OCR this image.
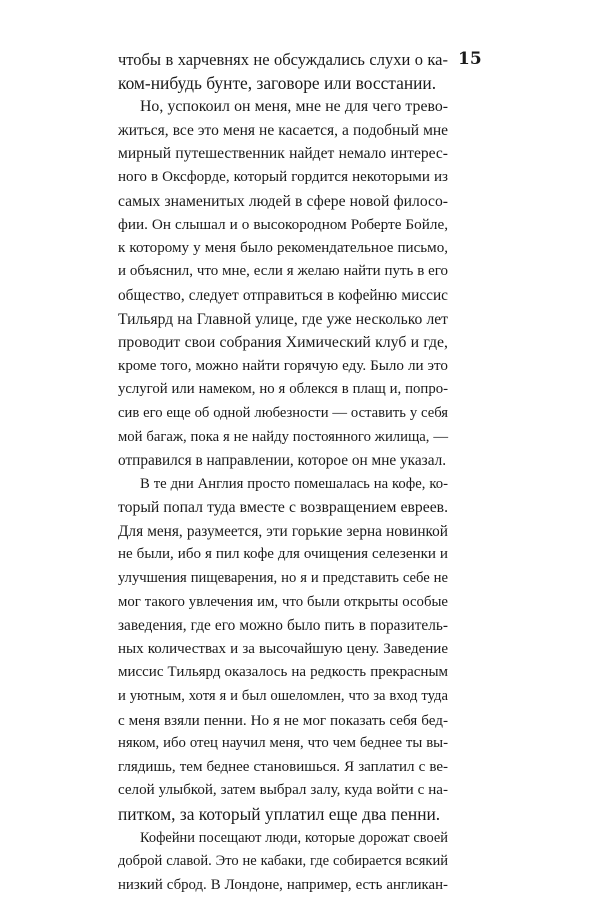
15
чтобы в харчевнях не обсуждались слухи о ка-
ком-нибудь бунте, заговоре или восстании.
Но, успокоил он меня, мне не для чего трево-
житься, все это меня не касается, а подобный мне
мирный путешественник найдет немало интерес-
ного в Оксфорде, который гордится некоторыми из
самых знаменитых людей в сфере новой филосо-
фии. Он слышал и о высокородном Роберте Бойле,
к которому у меня было рекомендательное письмо,
и объяснил, что мне, если я желаю найти путь в его
общество, следует отправиться в кофейню миссис
Тильярд на Главной улице, где уже несколько лет
проводит свои собрания Химический клуб и где,
кроме того, можно найти горячую еду. Было ли это
услугой или намеком, но я облекся в плащ и, попро-
сив его еще об одной любезности — оставить у себя
мой багаж, пока я не найду постоянного жилища, —
отправился в направлении, которое он мне указал.
В те дни Англия просто помешалась на кофе, ко-
торый попал туда вместе с возвращением евреев.
Для меня, разумеется, эти горькие зерна новинкой
не были, ибо я пил кофе для очищения селезенки и
улучшения пищеварения, но я и представить себе не
мог такого увлечения им, что были открыты особые
заведения, где его можно было пить в поразитель-
ных количествах и за высочайшую цену. Заведение
миссис Тильярд оказалось на редкость прекрасным
и уютным, хотя я и был ошеломлен, что за вход туда
с меня взяли пенни. Но я не мог показать себя бед-
няком, ибо отец научил меня, что чем беднее ты вы-
глядишь, тем беднее становишься. Я заплатил с ве-
селой улыбкой, затем выбрал залу, куда войти с на-
питком, за который уплатил еще два пенни.
Кофейни посещают люди, которые дорожат своей
доброй славой. Это не кабаки, где собирается всякий
низкий сброд. В Лондоне, например, есть англикан-
